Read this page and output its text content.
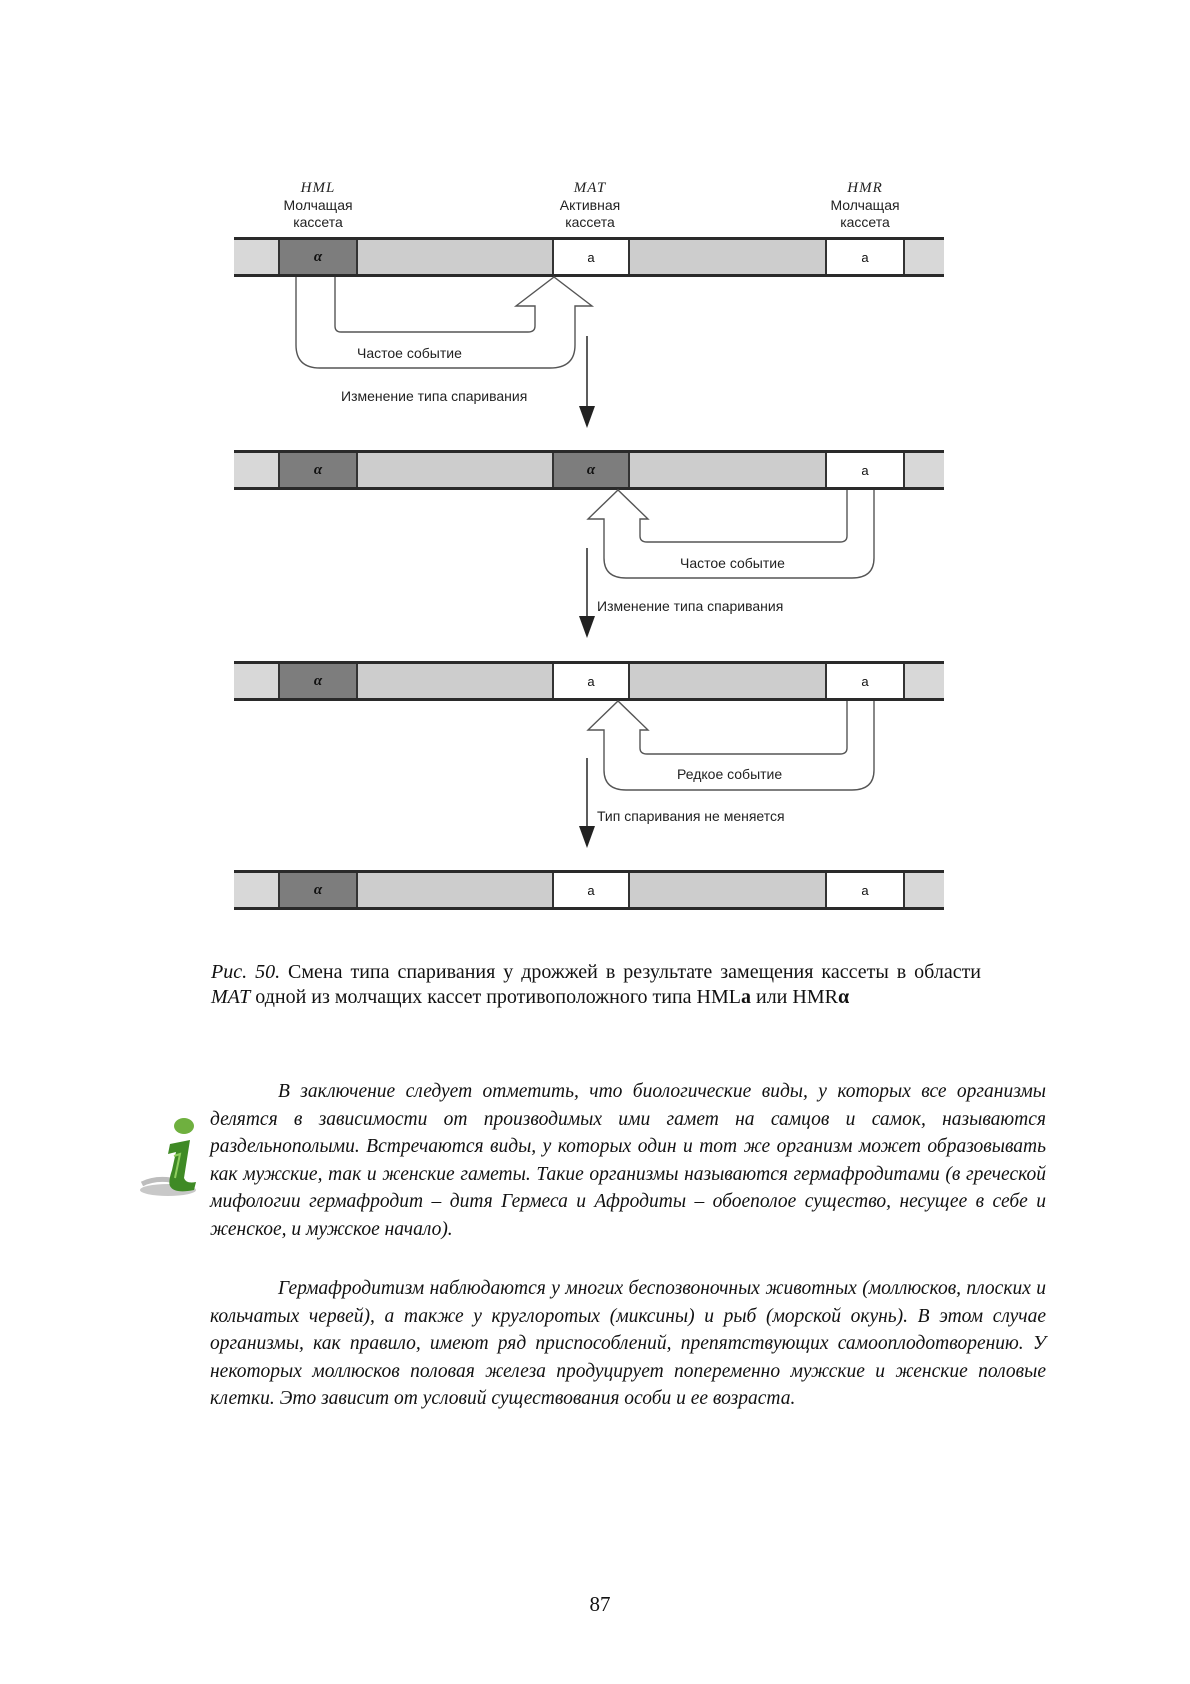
HML
Молчащая
кассета
MAT
Активная
кассета
HMR
Молчащая
кассета
α	a	a
α	α	a
α	a	a
α	a	a
Частое событие
Изменение типа спаривания
Частое событие
Изменение типа спаривания
Редкое событие
Тип спаривания не меняется
Рис. 50. Смена типа спаривания у дрожжей в результате замещения кассеты в области MAT одной из молчащих кассет противоположного типа HMLa или HMRα
В заключение следует отметить, что биологические виды, у которых все организмы делятся в зависимости от производимых ими гамет на самцов и самок, называются раздельнополыми. Встречаются виды, у которых один и тот же организм может образовывать как мужские, так и женские гаметы. Такие организмы называются гермафродитами (в греческой мифологии гермафродит – дитя Гермеса и Афродиты – обоеполое существо, несущее в себе и женское, и мужское начало).
Гермафродитизм наблюдаются у многих беспозвоночных животных (моллюсков, плоских и кольчатых червей), а также у круглоротых (миксины) и рыб (морской окунь). В этом случае организмы, как правило, имеют ряд приспособлений, препятствующих самооплодотворению. У некоторых моллюсков половая железа продуцирует попеременно мужские и женские половые клетки. Это зависит от условий существования особи и ее возраста.
87
